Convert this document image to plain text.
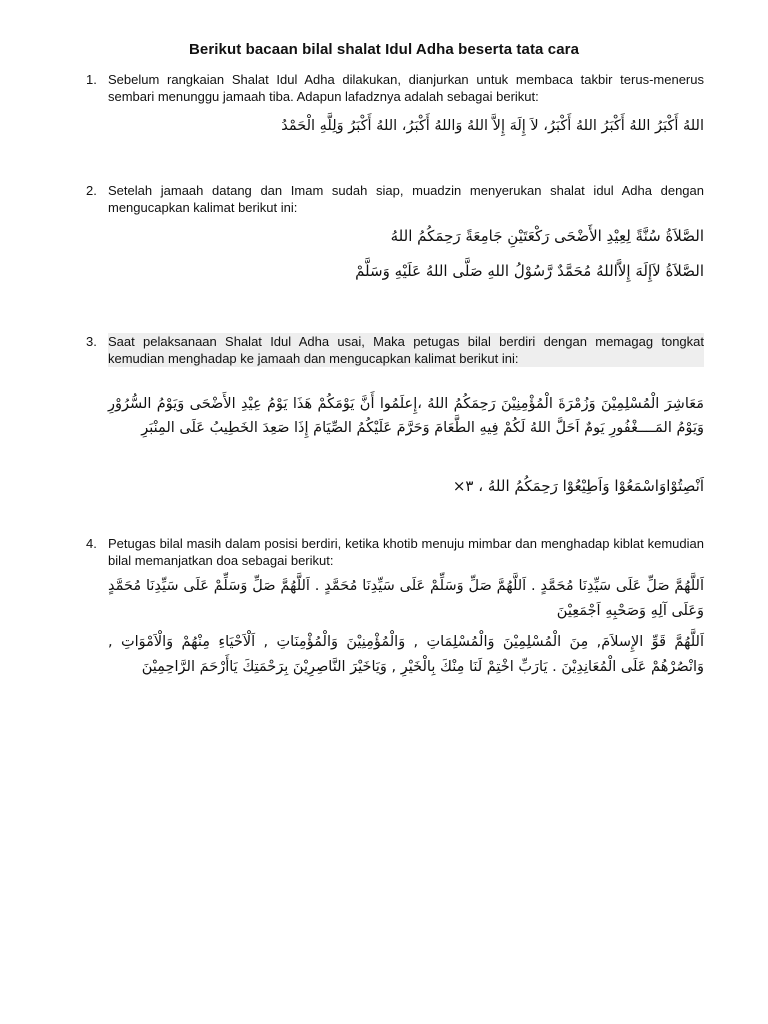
Berikut bacaan bilal shalat Idul Adha beserta tata cara
1. Sebelum rangkaian Shalat Idul Adha dilakukan, dianjurkan untuk membaca takbir terus-menerus sembari menunggu jamaah tiba. Adapun lafadznya adalah sebagai berikut:
اللهُ أَكْبَرُ اللهُ أَكْبَرُ اللهُ أَكْبَرُ، لاَ إِلَهَ إِلاَّ اللهُ وَاللهُ أَكْبَرُ، اللهُ أَكْبَرُ وَلِلَّهِ الْحَمْدُ
2. Setelah jamaah datang dan Imam sudah siap, muadzin menyerukan shalat idul Adha dengan mengucapkan kalimat berikut ini:
الصَّلاَةُ سُنَّةً لِعِيْدِ الأَضْحَى رَكْعَتَيْنِ جَامِعَةً رَحِمَكُمُ اللهُ
الصَّلاَةُ لاَإِلَهَ إِلاَّاللهُ مُحَمَّدٌ رَّسُوْلُ اللهِ صَلَّى اللهُ عَلَيْهِ وَسَلَّمْ
3. Saat pelaksanaan Shalat Idul Adha usai, Maka petugas bilal berdiri dengan memagag tongkat kemudian menghadap ke jamaah dan mengucapkan kalimat berikut ini:
مَعَاشِرَ الْمُسْلِمِيْنَ وَزُمْرَةَ الْمُؤْمِنِيْنَ رَحِمَكُمُ اللهُ ،إِعلَمُوا أَنَّ يَوْمَكُمْ هَذَا يَوْمُ عِيْدِ الأَضْحَى وَيَوْمُ السُّرُوْرِ وَيَوْمُ المَــــغْفُورِ يَومٌ اَحَلَّ اللهُ لَكُمْ فِيهِ الطَّعَامَ وَحَرَّمَ عَلَيْكُمُ الصِّيَامَ إِذَا صَعِدَ الخَطِيبُ عَلَى المِنْبَرِ
اَنْصِتُوْاوَاسْمَعُوْا وَاَطِيْعُوْا رَحِمَكُمُ اللهُ ، ٣×
4. Petugas bilal masih dalam posisi berdiri, ketika khotib menuju mimbar dan menghadap kiblat kemudian bilal memanjatkan doa sebagai berikut:
اَللَّهُمَّ صَلِّ عَلَى سَيِّدِنَا مُحَمَّدٍ . اَللَّهُمَّ صَلِّ وَسَلِّمْ عَلَى سَيِّدِنَا مُحَمَّدٍ . اَللَّهُمَّ صَلِّ وَسَلِّمْ عَلَى سَيِّدِنَا مُحَمَّدٍ وَعَلَى آلِهِ وَصَحْبِهِ اَجْمَعِيْنَ
اَللَّهُمَّ قَوِّ الإِسلاَمَ, مِنَ الْمُسْلِمِيْنَ وَالْمُسْلِمَاتِ , وَالْمُؤْمِنِيْنَ وَالْمُؤْمِنَاتِ , اَلْاَحْيَاءِ مِنْهُمْ وَالْاَمْوَاتِ , وَانْصُرْهُمْ عَلَى الْمُعَانِدِيْنَ . يَارَبِّ اخْتِمْ لَنَا مِنْكَ بِالْخَيْرِ , وَيَاخَيْرَ النَّاصِرِيْنَ بِرَحْمَتِكَ يَاأَرْحَمَ الرَّاحِمِيْنَ
